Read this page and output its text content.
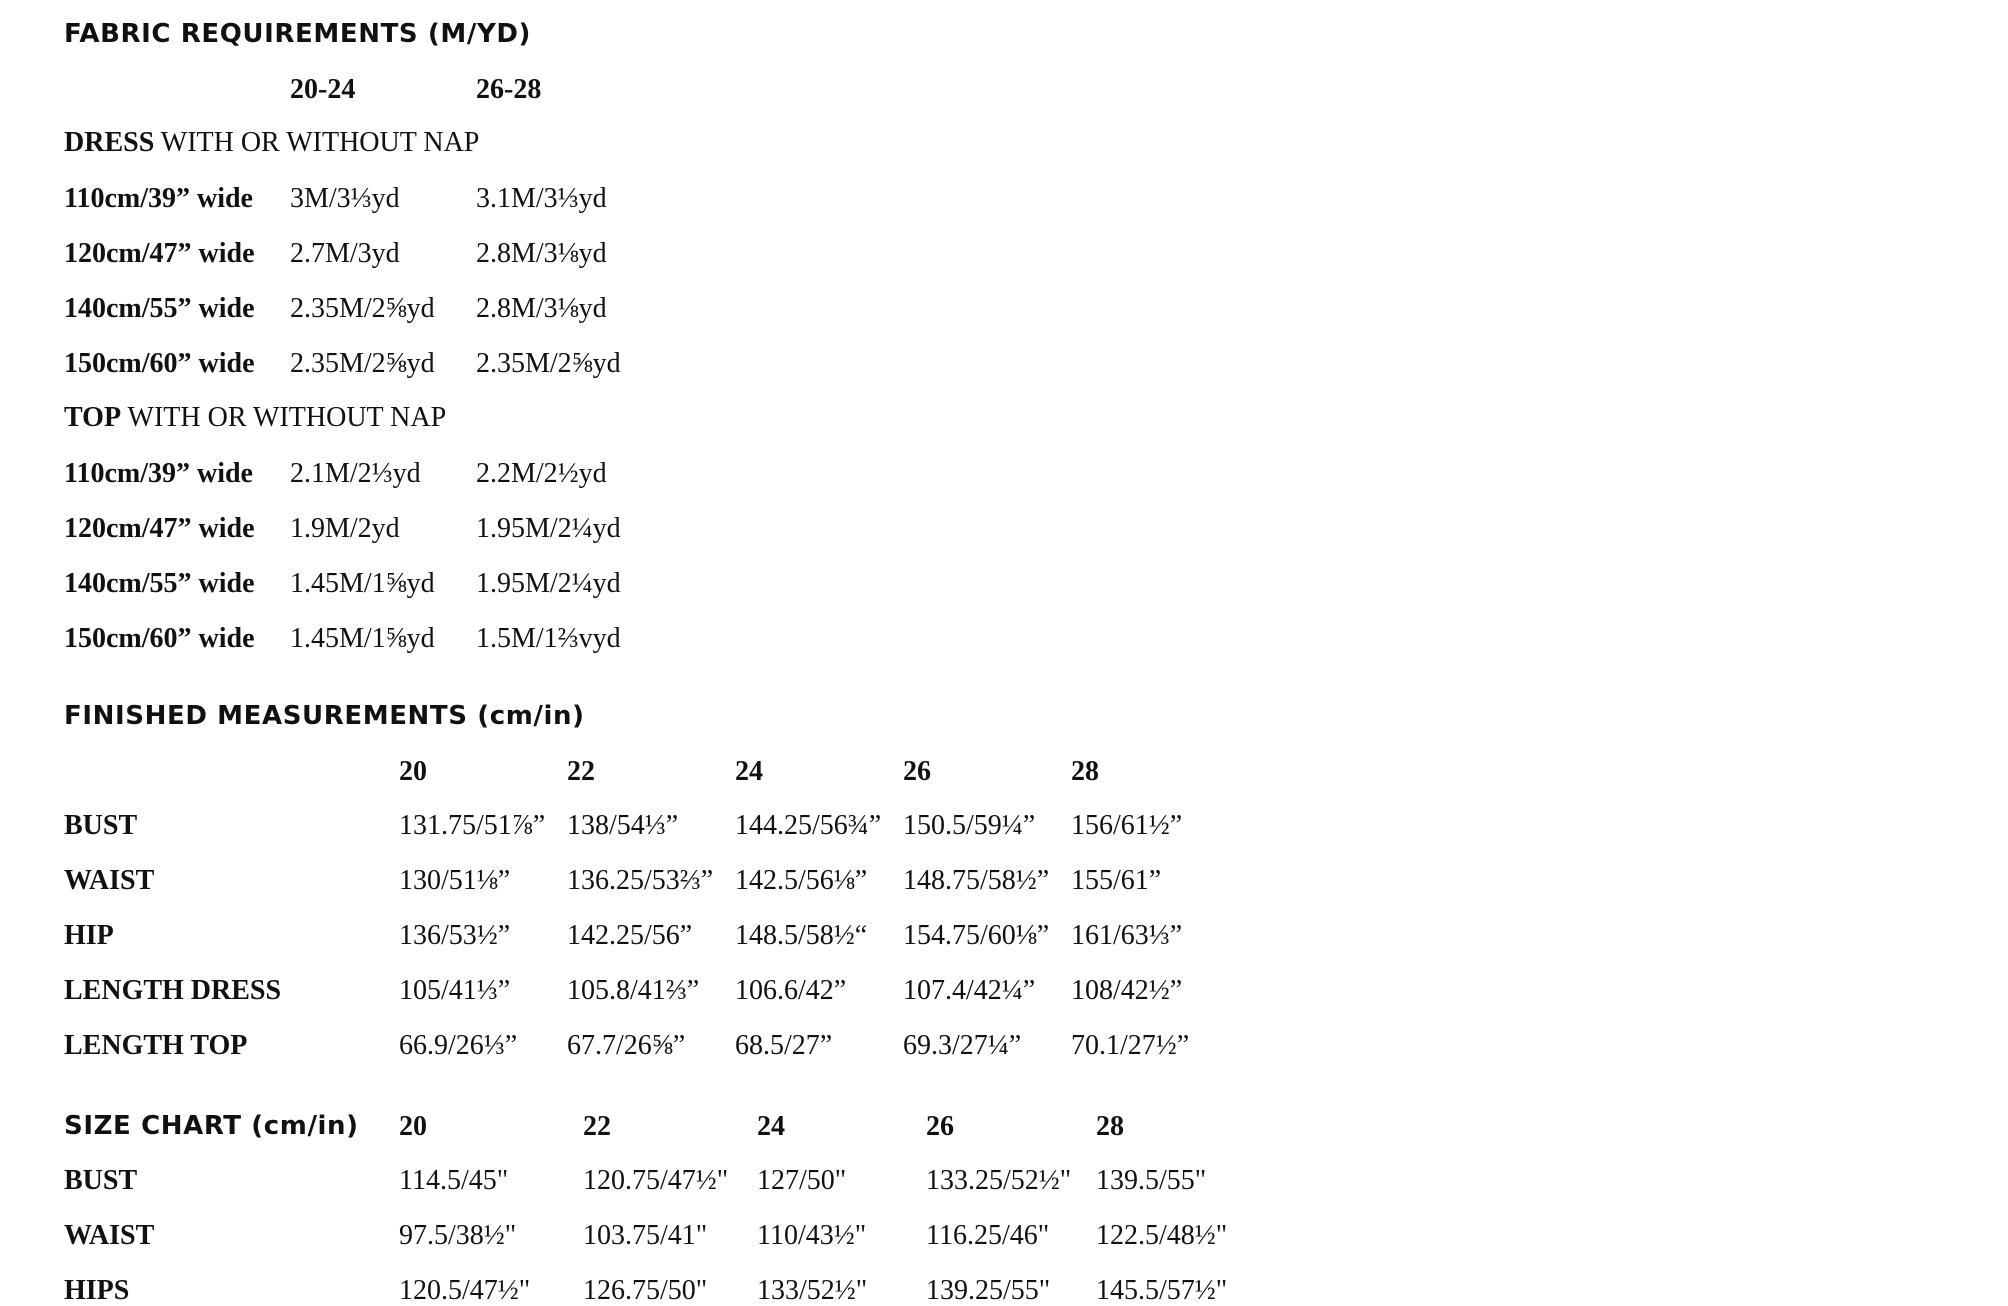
FABRIC REQUIREMENTS (M/YD)
20-24	26-28
DRESS WITH OR WITHOUT NAP
110cm/39” wide 3M/3⅓yd	3.1M/3⅓yd
120cm/47” wide 2.7M/3yd	2.8M/3⅛yd
140cm/55” wide 2.35M/2⅝yd 2.8M/3⅛yd
150cm/60” wide 2.35M/2⅝yd 2.35M/2⅝yd
TOP WITH OR WITHOUT NAP
110cm/39” wide 2.1M/2⅓yd 2.2M/2½yd
120cm/47” wide 1.9M/2yd	1.95M/2¼yd
140cm/55” wide 1.45M/1⅝yd 1.95M/2¼yd
150cm/60” wide 1.45M/1⅝yd 1.5M/1⅔vyd
FINISHED MEASUREMENTS (cm/in)
20	22	24	26	28
BUST	131.75/51⅞” 138/54⅓” 144.25/56¾” 150.5/59¼” 156/61½”
WAIST	130/51⅛” 136.25/53⅔” 142.5/56⅛” 148.75/58½” 155/61”
HIP	136/53½” 142.25/56” 148.5/58½“ 154.75/60⅛” 161/63⅓”
LENGTH DRESS	105/41⅓” 105.8/41⅔” 106.6/42” 107.4/42¼” 108/42½”
LENGTH TOP	66.9/26⅓” 67.7/26⅝” 68.5/27”	69.3/27¼” 70.1/27½”
SIZE CHART (cm/in) 20	22	24	26	28
BUST	114.5/45"	120.75/47½" 127/50"	133.25/52½" 139.5/55"
WAIST	97.5/38½" 103.75/41" 110/43½" 116.25/46" 122.5/48½"
HIPS	120.5/47½" 126.75/50" 133/52½" 139.25/55" 145.5/57½"
